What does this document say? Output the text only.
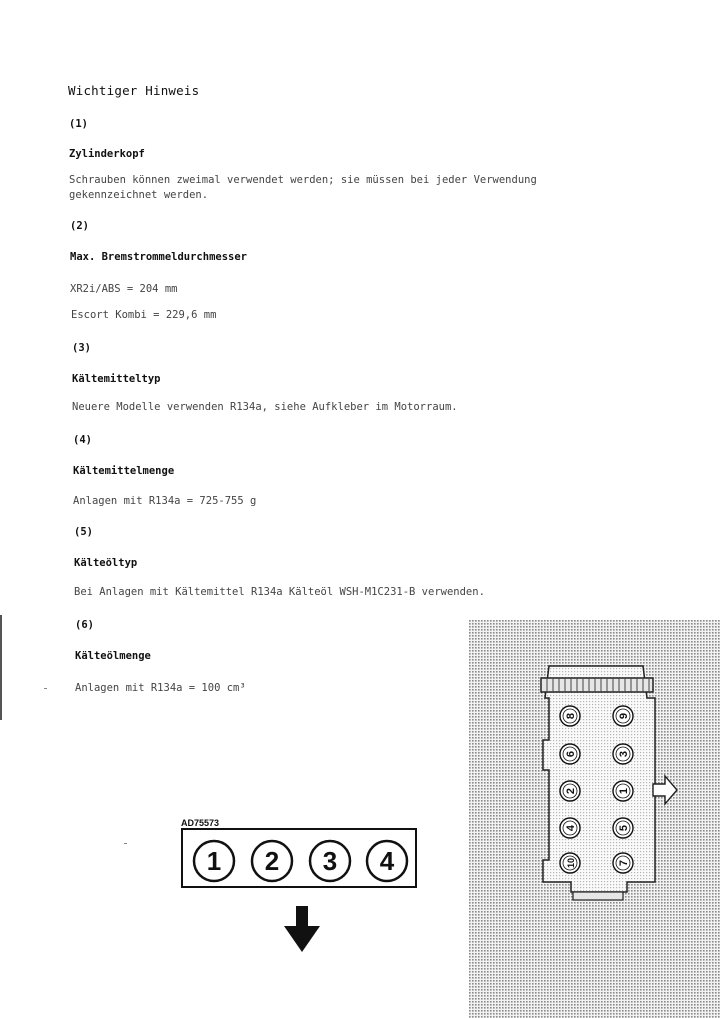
Wichtiger Hinweis
(1)
Zylinderkopf
Schrauben können zweimal verwendet werden; sie müssen bei jeder Verwendung
gekennzeichnet werden.
(2)
Max. Bremstrommeldurchmesser
XR2i/ABS = 204 mm
Escort Kombi = 229,6 mm
(3)
Kältemitteltyp
Neuere Modelle verwenden R134a, siehe Aufkleber im Motorraum.
(4)
Kältemittelmenge
Anlagen mit R134a = 725-755 g
(5)
Kälteöltyp
Bei Anlagen mit Kältemittel R134a Kälteöl WSH-M1C231-B verwenden.
(6)
Kälteölmenge
Anlagen mit R134a = 100 cm³
AD75573
1 2 3 4
8
6
2
4
10
9
3
1
5
7
